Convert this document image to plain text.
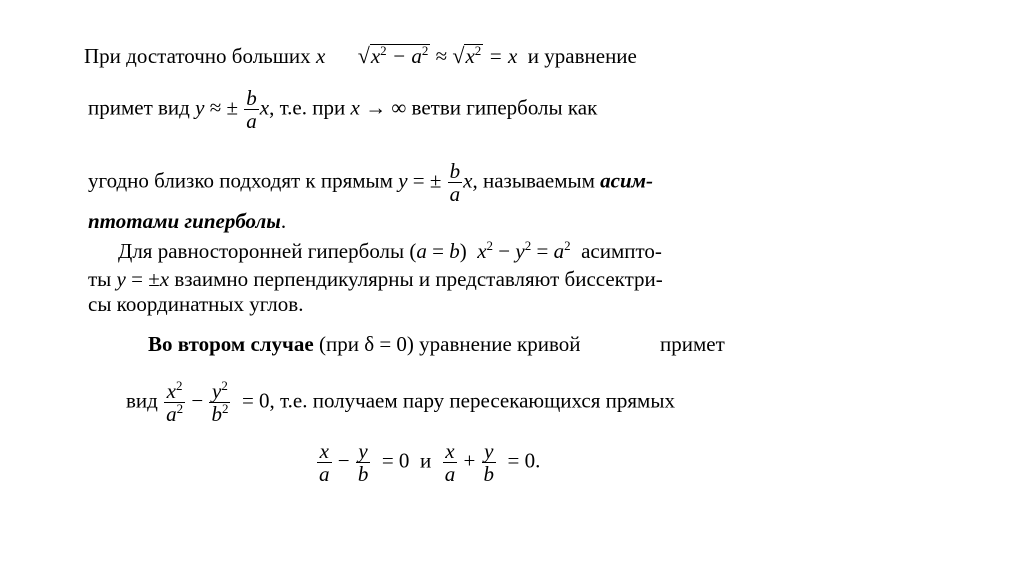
При достаточно больших x $√x^2 - a^2 \approx √x^2 = x$  и уравнение
примет вид y ≈ ± $\frac{b}{a} x$, т.е. при x → ∞ ветви гиперболы как
угодно близко подходят к прямым y = ± $\frac{b}{a} x$, называемым асим-
птотами гиперболы.
Для равносторонней гиперболы (a = b)  $x^2 - y^2 = a^2$  асимпто-
ты y = ±x взаимно перпендикулярны и представляют биссектри-
сы координатных углов.
Во втором случае (при δ = 0) уравнение кривой	примет
вид $\frac{x^2}{a^2} - \frac{y^2}{b^2} = 0$, т.е. получаем пару пересекающихся прямых
$\frac{x}{a} - \frac{y}{b} = 0$  и $\frac{x}{a} + \frac{y}{b} = 0$.
